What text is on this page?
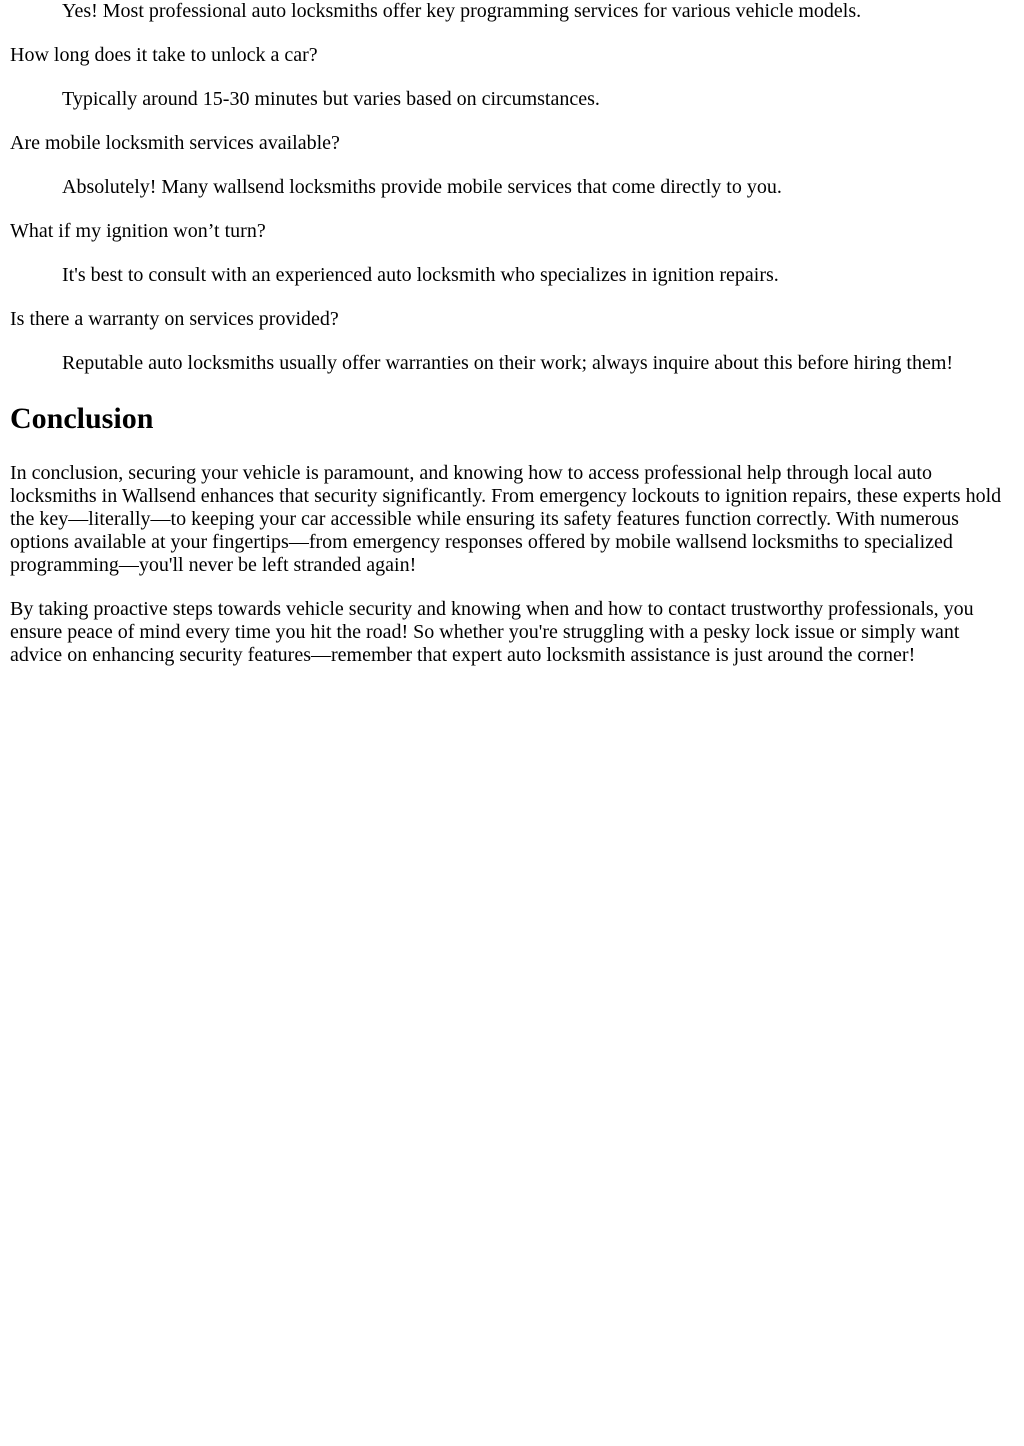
Yes! Most professional auto locksmiths offer key programming services for various vehicle models.
How long does it take to unlock a car?
Typically around 15-30 minutes but varies based on circumstances.
Are mobile locksmith services available?
Absolutely! Many wallsend locksmiths provide mobile services that come directly to you.
What if my ignition won’t turn?
It's best to consult with an experienced auto locksmith who specializes in ignition repairs.
Is there a warranty on services provided?
Reputable auto locksmiths usually offer warranties on their work; always inquire about this before hiring them!
Conclusion

In conclusion, securing your vehicle is paramount, and knowing how to access professional help through local auto locksmiths in Wallsend enhances that security significantly. From emergency lockouts to ignition repairs, these experts hold the key—literally—to keeping your car accessible while ensuring its safety features function correctly. With numerous options available at your fingertips—from emergency responses offered by mobile wallsend locksmiths to specialized programming—you'll never be left stranded again!

By taking proactive steps towards vehicle security and knowing when and how to contact trustworthy professionals, you ensure peace of mind every time you hit the road! So whether you're struggling with a pesky lock issue or simply want advice on enhancing security features—remember that expert auto locksmith assistance is just around the corner!
